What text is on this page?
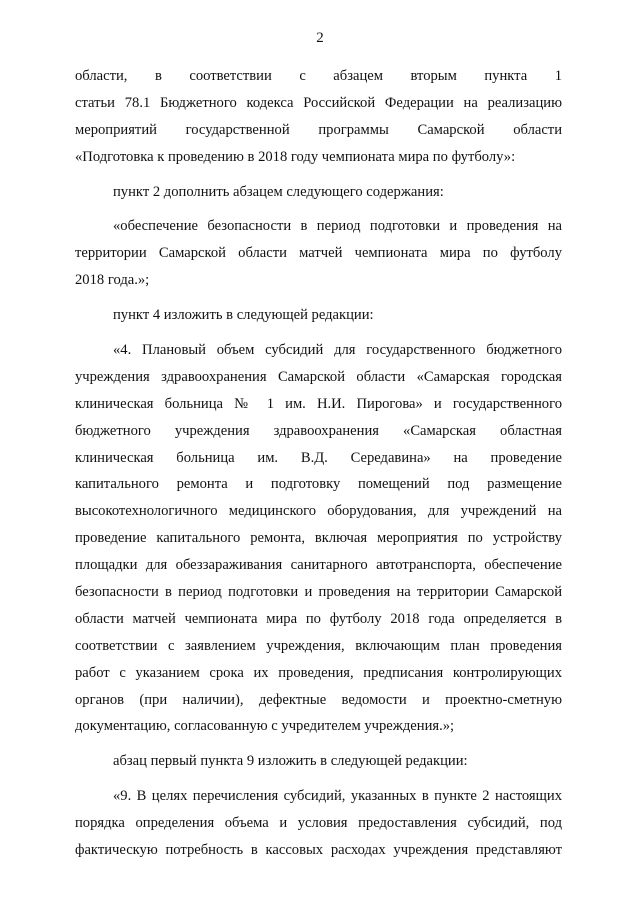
2
области, в соответствии с абзацем вторым пункта 1
статьи 78.1 Бюджетного кодекса Российской Федерации на реализацию
мероприятий государственной программы Самарской области
«Подготовка к проведению в 2018 году чемпионата мира по футболу»:
пункт 2 дополнить абзацем следующего содержания:
«обеспечение безопасности в период подготовки и проведения на
территории Самарской области матчей чемпионата мира по футболу
2018 года.»;
пункт 4 изложить в следующей редакции:
«4. Плановый объем субсидий для государственного бюджетного
учреждения здравоохранения Самарской области «Самарская городская
клиническая больница № 1 им. Н.И. Пирогова» и государственного
бюджетного учреждения здравоохранения «Самарская областная
клиническая больница им. В.Д. Середавина» на проведение
капитального ремонта и подготовку помещений под размещение
высокотехнологичного медицинского оборудования, для учреждений на
проведение капитального ремонта, включая мероприятия по устройству
площадки для обеззараживания санитарного автотранспорта, обеспечение
безопасности в период подготовки и проведения на территории Самарской
области матчей чемпионата мира по футболу 2018 года определяется в
соответствии с заявлением учреждения, включающим план проведения
работ с указанием срока их проведения, предписания контролирующих
органов (при наличии), дефектные ведомости и проектно-сметную
документацию, согласованную с учредителем учреждения.»;
абзац первый пункта 9 изложить в следующей редакции:
«9. В целях перечисления субсидий, указанных в пункте 2 настоящих
порядка определения объема и условия предоставления субсидий, под
фактическую потребность в кассовых расходах учреждения представляют
